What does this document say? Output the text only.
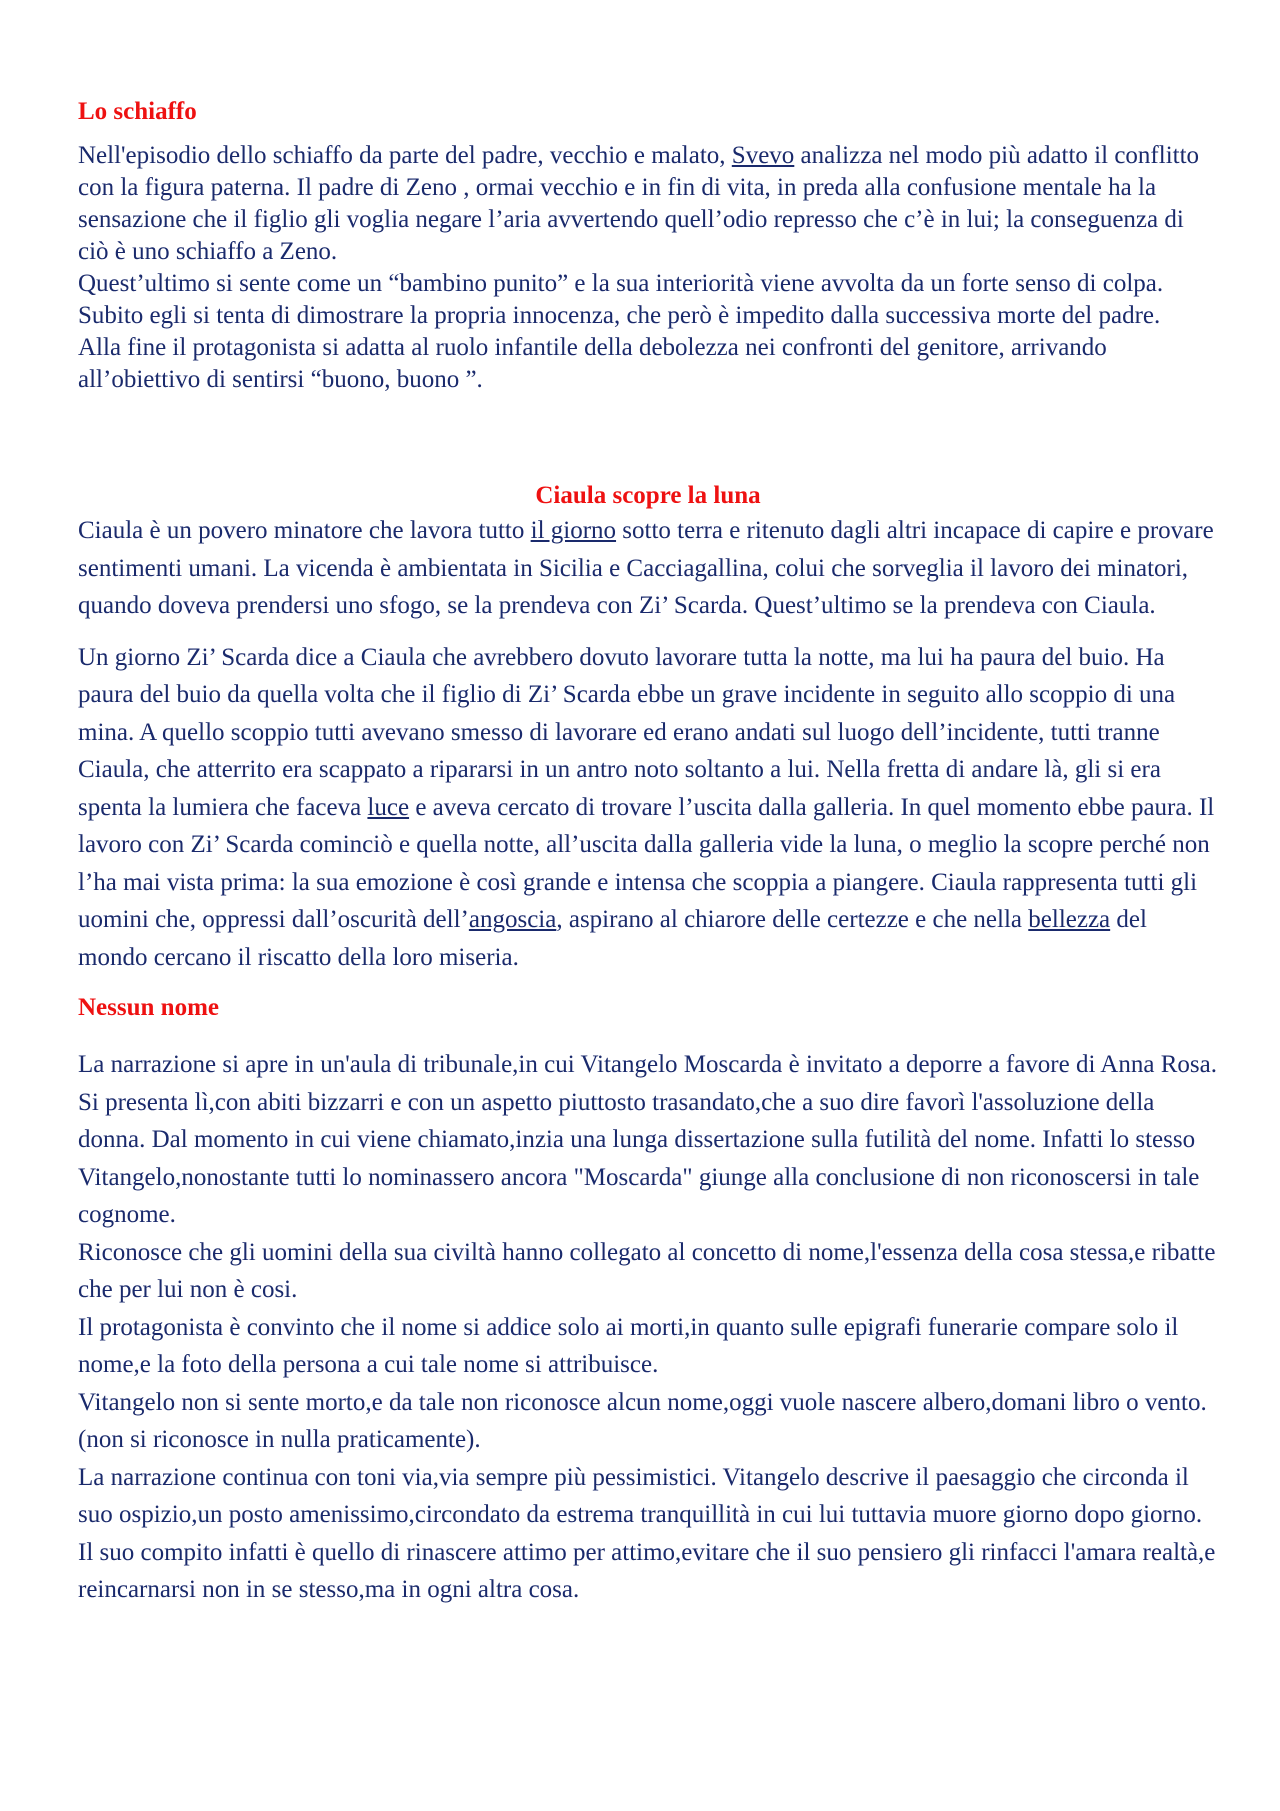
Lo schiaffo

Nell'episodio dello schiaffo da parte del padre, vecchio e malato, Svevo analizza nel modo più adatto il conflitto con la figura paterna. Il padre di Zeno , ormai vecchio e in fin di vita, in preda alla confusione mentale ha la sensazione che il figlio gli voglia negare l’aria avvertendo quell’odio represso che c’è in lui; la conseguenza di ciò è uno schiaffo a Zeno.

Quest’ultimo si sente come un “bambino punito” e la sua interiorità viene avvolta da un forte senso di colpa. Subito egli si tenta di dimostrare la propria innocenza, che però è impedito dalla successiva morte del padre.

Alla fine il protagonista si adatta al ruolo infantile della debolezza nei confronti del genitore, arrivando all’obiettivo di sentirsi “buono, buono ”.

Ciaula scopre la luna

Ciaula è un povero minatore che lavora tutto il giorno sotto terra e ritenuto dagli altri incapace di capire e provare sentimenti umani. La vicenda è ambientata in Sicilia e Cacciagallina, colui che sorveglia il lavoro dei minatori, quando doveva prendersi uno sfogo, se la prendeva con Zi’ Scarda. Quest’ultimo se la prendeva con Ciaula.

Un giorno Zi’ Scarda dice a Ciaula che avrebbero dovuto lavorare tutta la notte, ma lui ha paura del buio. Ha paura del buio da quella volta che il figlio di Zi’ Scarda ebbe un grave incidente in seguito allo scoppio di una mina. A quello scoppio tutti avevano smesso di lavorare ed erano andati sul luogo dell’incidente, tutti tranne Ciaula, che atterrito era scappato a ripararsi in un antro noto soltanto a lui. Nella fretta di andare là, gli si era spenta la lumiera che faceva luce e aveva cercato di trovare l’uscita dalla galleria. In quel momento ebbe paura. Il lavoro con Zi’ Scarda cominciò e quella notte, all’uscita dalla galleria vide la luna, o meglio la scopre perché non l’ha mai vista prima: la sua emozione è così grande e intensa che scoppia a piangere. Ciaula rappresenta tutti gli uomini che, oppressi dall’oscurità dell’angoscia, aspirano al chiarore delle certezze e che nella bellezza del mondo cercano il riscatto della loro miseria.

Nessun nome

La narrazione si apre in un'aula di tribunale,in cui Vitangelo Moscarda è invitato a deporre a favore di Anna Rosa. Si presenta lì,con abiti bizzarri e con un aspetto piuttosto trasandato,che a suo dire favorì l'assoluzione della donna. Dal momento in cui viene chiamato,inzia una lunga dissertazione sulla futilità del nome. Infatti lo stesso Vitangelo,nonostante tutti lo nominassero ancora "Moscarda" giunge alla conclusione di non riconoscersi in tale cognome.

Riconosce che gli uomini della sua civiltà hanno collegato al concetto di nome,l'essenza della cosa stessa,e ribatte che per lui non è cosi.

Il protagonista è convinto che il nome si addice solo ai morti,in quanto sulle epigrafi funerarie compare solo il nome,e la foto della persona a cui tale nome si attribuisce.

Vitangelo non si sente morto,e da tale non riconosce alcun nome,oggi vuole nascere albero,domani libro o vento. (non si riconosce in nulla praticamente).

La narrazione continua con toni via,via sempre più pessimistici. Vitangelo descrive il paesaggio che circonda il suo ospizio,un posto amenissimo,circondato da estrema tranquillità in cui lui tuttavia muore giorno dopo giorno. Il suo compito infatti è quello di rinascere attimo per attimo,evitare che il suo pensiero gli rinfacci l'amara realtà,e reincarnarsi non in se stesso,ma in ogni altra cosa.
